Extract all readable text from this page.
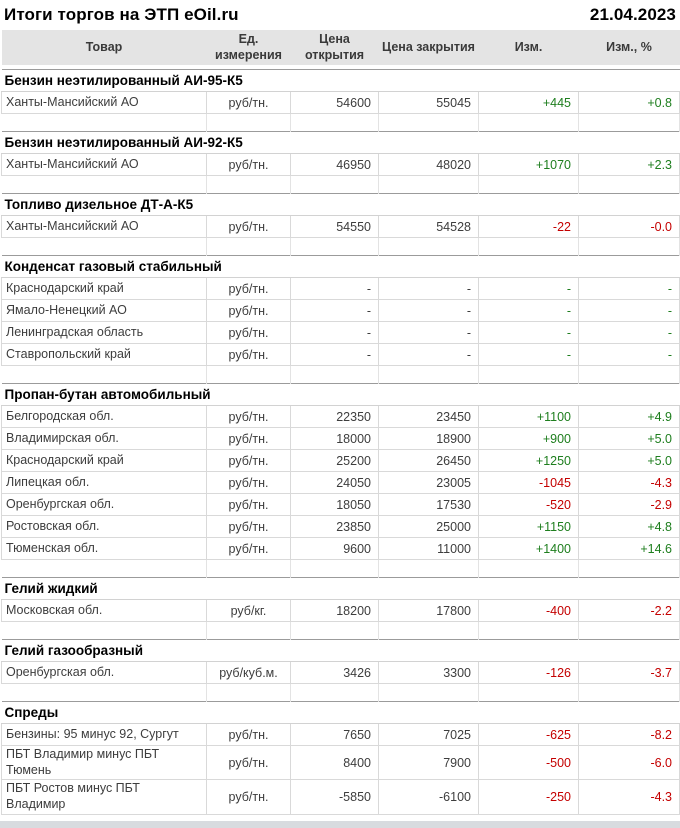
Итоги торгов на ЭТП eOil.ru	21.04.2023
Товар	Ед. измерения	Цена открытия	Цена закрытия	Изм.	Изм., %

Бензин неэтилированный АИ-95-К5					
Ханты-Мансийский АО	руб/тн.	54600	55045	+445	+0.8

Бензин неэтилированный АИ-92-К5					
Ханты-Мансийский АО	руб/тн.	46950	48020	+1070	+2.3

Топливо дизельное ДТ-А-К5					
Ханты-Мансийский АО	руб/тн.	54550	54528	-22	-0.0

Конденсат газовый стабильный					
Краснодарский край	руб/тн.	-	-	-	-
Ямало-Ненецкий АО	руб/тн.	-	-	-	-
Ленинградская область	руб/тн.	-	-	-	-
Ставропольский край	руб/тн.	-	-	-	-

Пропан-бутан автомобильный					
Белгородская обл.	руб/тн.	22350	23450	+1100	+4.9
Владимирская обл.	руб/тн.	18000	18900	+900	+5.0
Краснодарский край	руб/тн.	25200	26450	+1250	+5.0
Липецкая обл.	руб/тн.	24050	23005	-1045	-4.3
Оренбургская обл.	руб/тн.	18050	17530	-520	-2.9
Ростовская обл.	руб/тн.	23850	25000	+1150	+4.8
Тюменская обл.	руб/тн.	9600	11000	+1400	+14.6

Гелий жидкий					
Московская обл.	руб/кг.	18200	17800	-400	-2.2

Гелий газообразный					
Оренбургская обл.	руб/куб.м.	3426	3300	-126	-3.7

Спреды					
Бензины: 95 минус 92, Сургут	руб/тн.	7650	7025	-625	-8.2
ПБТ Владимир минус ПБТ Тюмень	руб/тн.	8400	7900	-500	-6.0
ПБТ Ростов минус ПБТ Владимир	руб/тн.	-5850	-6100	-250	-4.3
